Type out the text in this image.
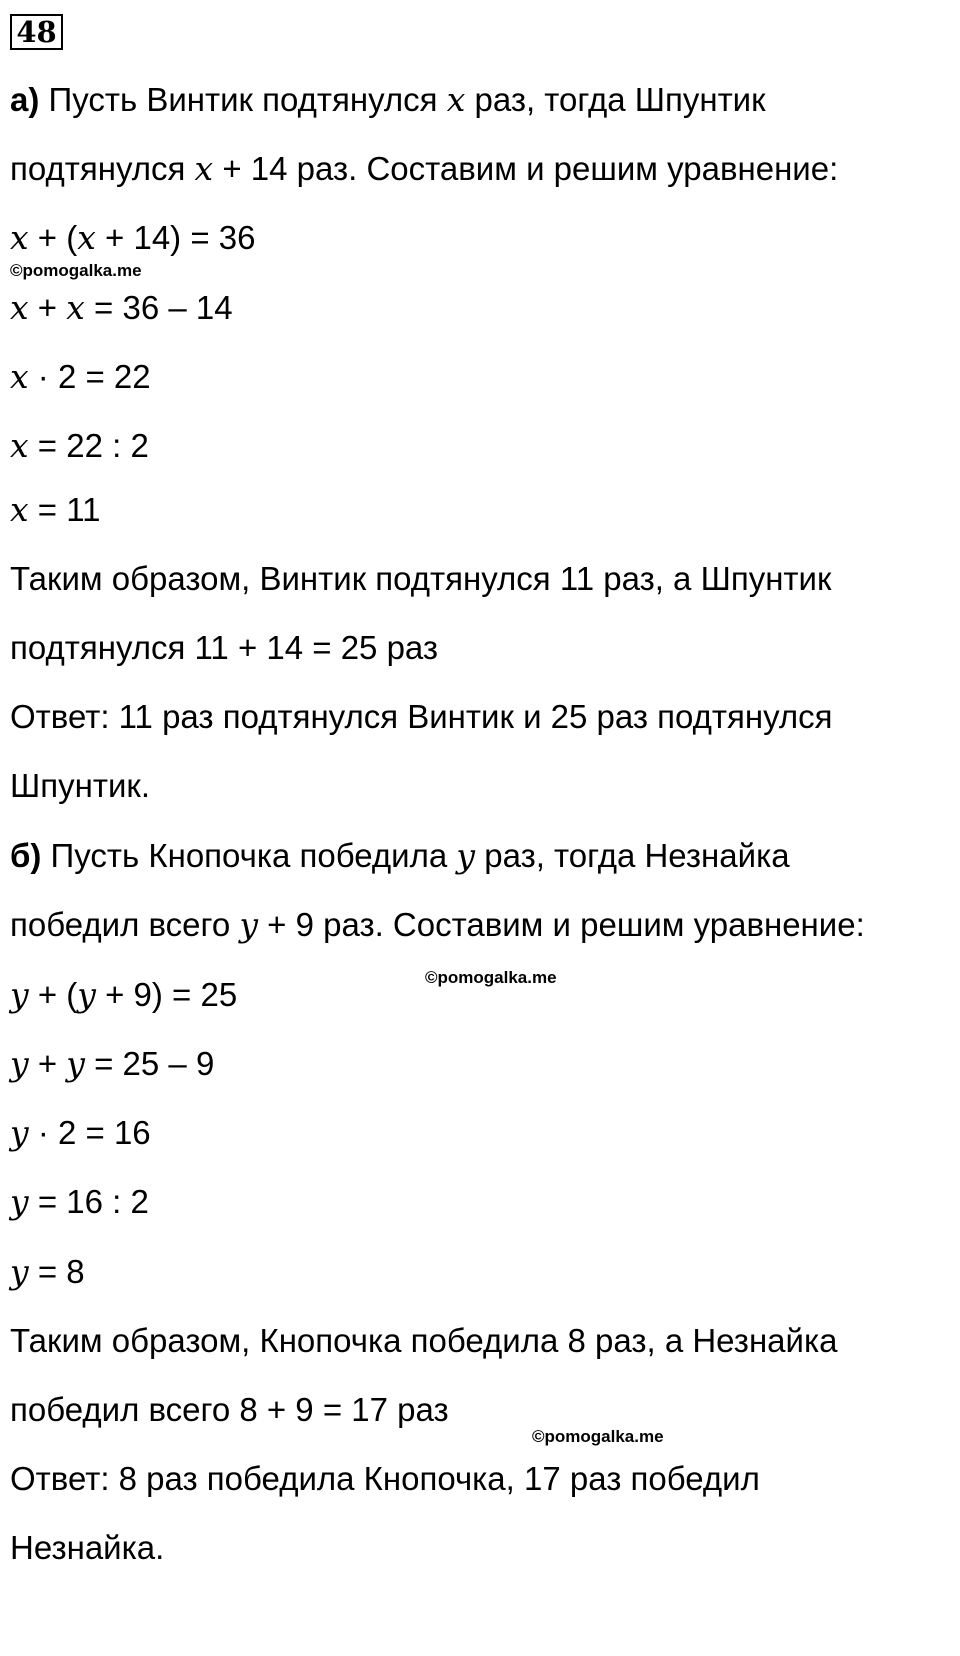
48
а) Пусть Винтик подтянулся x раз, тогда Шпунтик
подтянулся x + 14 раз. Составим и решим уравнение:
x + (x + 14) = 36
©pomogalka.me
x + x = 36 – 14
x · 2 = 22
x = 22 : 2
x = 11
Таким образом, Винтик подтянулся 11 раз, а Шпунтик
подтянулся 11 + 14 = 25 раз
Ответ: 11 раз подтянулся Винтик и 25 раз подтянулся
Шпунтик.
б) Пусть Кнопочка победила y раз, тогда Незнайка
победил всего y + 9 раз. Составим и решим уравнение:
©pomogalka.me
y + (y + 9) = 25
y + y = 25 – 9
y · 2 = 16
y = 16 : 2
y = 8
Таким образом, Кнопочка победила 8 раз, а Незнайка
победил всего 8 + 9 = 17 раз
©pomogalka.me
Ответ: 8 раз победила Кнопочка, 17 раз победил
Незнайка.
